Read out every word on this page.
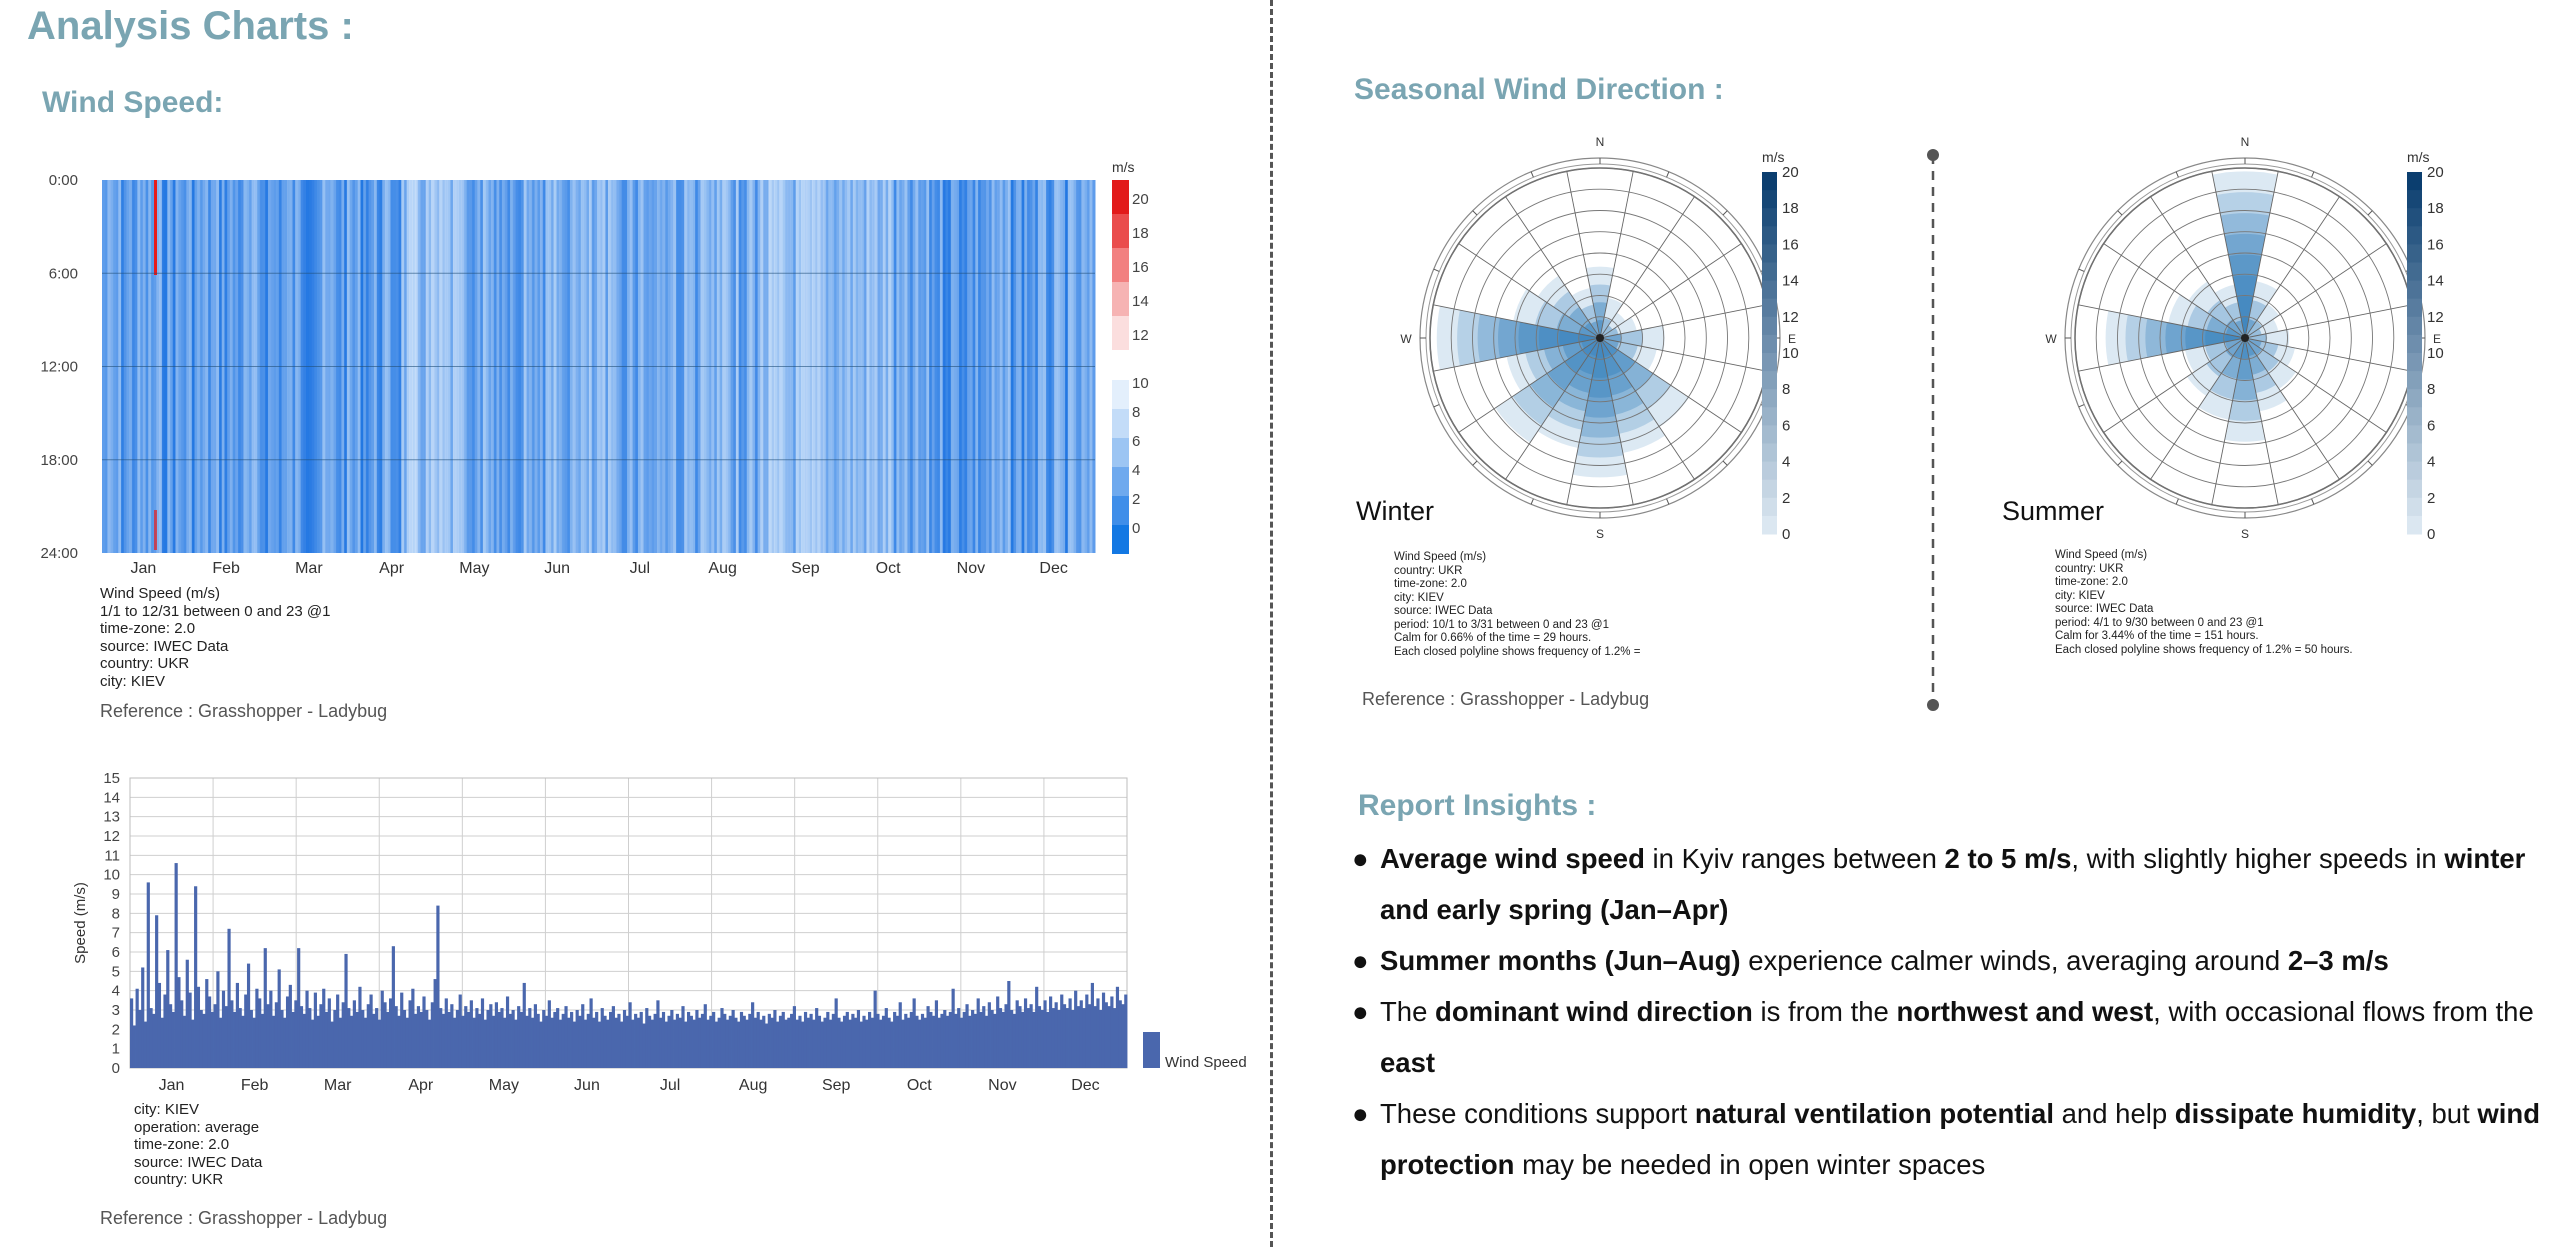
Analysis Charts :
Wind Speed:	Seasonal Wind Direction :
Report Insights :
0:00
6:00
12:00
18:00
24:00
Jan	Feb	Mar	Apr	May	Jun	Jul	Aug	Sep	Oct	Nov	Dec
m/s
20
18
16
14
12
10
8
6
4
2
0
Wind Speed (m/s)
1/1 to 12/31 between 0 and 23 @1
time-zone: 2.0
source: IWEC Data
country: UKR
city: KIEV
Reference : Grasshopper - Ladybug
0
1
2
3
4
5
6
7
8
9
10
11
12
13
14
15
Jan	Feb	Mar	Apr	May	Jun	Jul	Aug	Sep	Oct	Nov	Dec
Speed (m/s)
Wind Speed
city: KIEV
operation: average
time-zone: 2.0
source: IWEC Data
country: UKR
Reference : Grasshopper - Ladybug
N
E
S
W
m/s
20
18
16
14
12
10
8
6
4
2
0
N
E
S
W
m/s
20
18
16
14
12
10
8
6
4
2
0
Winter	Summer
Wind Speed (m/s)
country: UKR
time-zone: 2.0
city: KIEV
source: IWEC Data
period: 10/1 to 3/31 between 0 and 23 @1
Calm for 0.66% of the time = 29 hours.
Each closed polyline shows frequency of 1.2% =
Reference : Grasshopper - Ladybug
Wind Speed (m/s)
country: UKR
time-zone: 2.0
city: KIEV
source: IWEC Data
period: 4/1 to 9/30 between 0 and 23 @1
Calm for 3.44% of the time = 151 hours.
Each closed polyline shows frequency of 1.2% = 50 hours.
● Average wind speed in Kyiv ranges between 2 to 5 m/s, with slightly higher speeds in winter and early spring (Jan–Apr)
● Summer months (Jun–Aug) experience calmer winds, averaging around 2–3 m/s
● The dominant wind direction is from the northwest and west, with occasional flows from the east
● These conditions support natural ventilation potential and help dissipate humidity, but wind protection may be needed in open winter spaces
